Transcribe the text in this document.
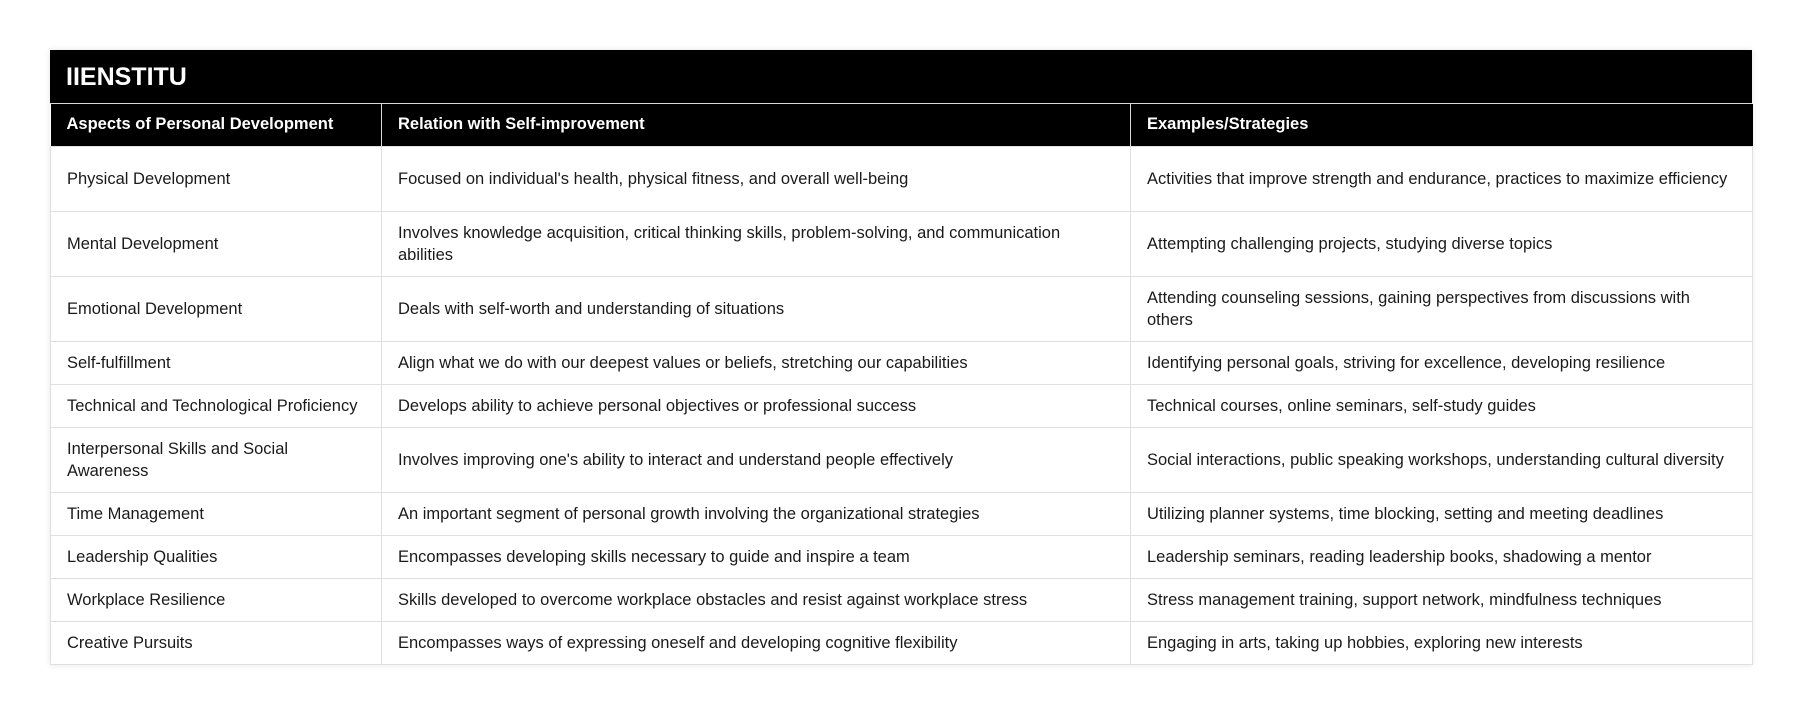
IIENSTITU
Aspects of Personal Development	Relation with Self-improvement	Examples/Strategies
Physical Development	Focused on individual's health, physical fitness, and overall well-being	Activities that improve strength and endurance, practices to maximize efficiency
Mental Development	Involves knowledge acquisition, critical thinking skills, problem-solving, and communication abilities	Attempting challenging projects, studying diverse topics
Emotional Development	Deals with self-worth and understanding of situations	Attending counseling sessions, gaining perspectives from discussions with others
Self-fulfillment	Align what we do with our deepest values or beliefs, stretching our capabilities	Identifying personal goals, striving for excellence, developing resilience
Technical and Technological Proficiency	Develops ability to achieve personal objectives or professional success	Technical courses, online seminars, self-study guides
Interpersonal Skills and Social Awareness	Involves improving one's ability to interact and understand people effectively	Social interactions, public speaking workshops, understanding cultural diversity
Time Management	An important segment of personal growth involving the organizational strategies	Utilizing planner systems, time blocking, setting and meeting deadlines
Leadership Qualities	Encompasses developing skills necessary to guide and inspire a team	Leadership seminars, reading leadership books, shadowing a mentor
Workplace Resilience	Skills developed to overcome workplace obstacles and resist against workplace stress	Stress management training, support network, mindfulness techniques
Creative Pursuits	Encompasses ways of expressing oneself and developing cognitive flexibility	Engaging in arts, taking up hobbies, exploring new interests
